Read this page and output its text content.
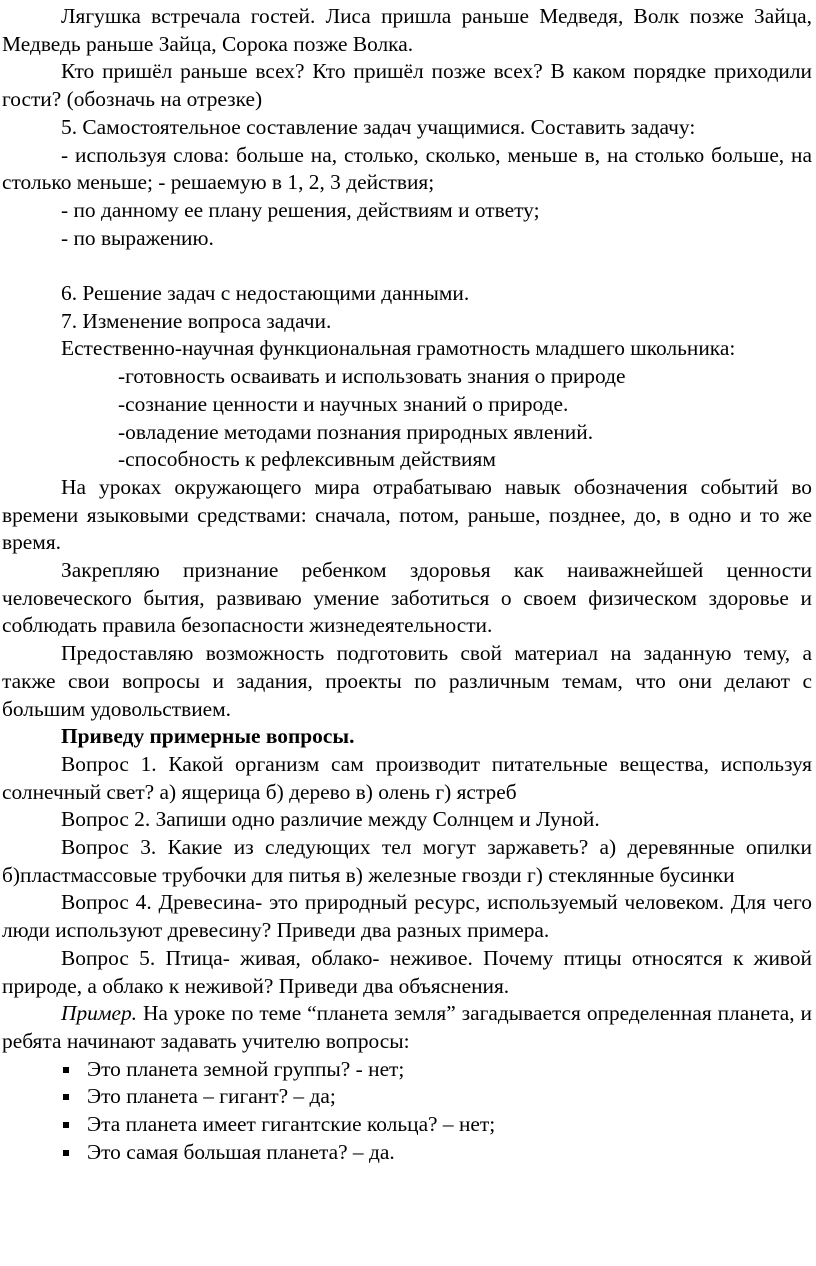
Лягушка встречала гостей. Лиса пришла раньше Медведя, Волк позже Зайца, Медведь раньше Зайца, Сорока позже Волка.

Кто пришёл раньше всех? Кто пришёл позже всех? В каком порядке приходили гости? (обозначь на отрезке)

5. Самостоятельное составление задач учащимися. Составить задачу:

- используя слова: больше на, столько, сколько, меньше в, на столько больше, на столько меньше; - решаемую в 1, 2, 3 действия;

- по данному ее плану решения, действиям и ответу;

- по выражению.

6. Решение задач с недостающими данными.

7. Изменение вопроса задачи.

Естественно-научная функциональная грамотность младшего школьника:

-готовность осваивать и использовать знания о природе

-сознание ценности и научных знаний о природе.

-овладение методами познания природных явлений.

-способность к рефлексивным действиям

На уроках окружающего мира отрабатываю навык обозначения событий во времени языковыми средствами: сначала, потом, раньше, позднее, до, в одно и то же время.

Закрепляю признание ребенком здоровья как наиважнейшей ценности человеческого бытия, развиваю умение заботиться о своем физическом здоровье и соблюдать правила безопасности жизнедеятельности.

Предоставляю возможность подготовить свой материал на заданную тему, а также свои вопросы и задания, проекты по различным темам, что они делают с большим удовольствием.

Приведу примерные вопросы.

Вопрос 1. Какой организм сам производит питательные вещества, используя солнечный свет? а) ящерица б) дерево в) олень г) ястреб

Вопрос 2. Запиши одно различие между Солнцем и Луной.

Вопрос 3. Какие из следующих тел могут заржаветь? а) деревянные опилки б)пластмассовые трубочки для питья в) железные гвозди г) стеклянные бусинки

Вопрос 4. Древесина- это природный ресурс, используемый человеком. Для чего люди используют древесину? Приведи два разных примера.

Вопрос 5. Птица- живая, облако- неживое. Почему птицы относятся к живой природе, а облако к неживой? Приведи два объяснения.

Пример. На уроке по теме “планета земля” загадывается определенная планета, и ребята начинают задавать учителю вопросы:

Это планета земной группы? - нет;
Это планета – гигант? – да;
Эта планета имеет гигантские кольца? – нет;
Это самая большая планета? – да.
